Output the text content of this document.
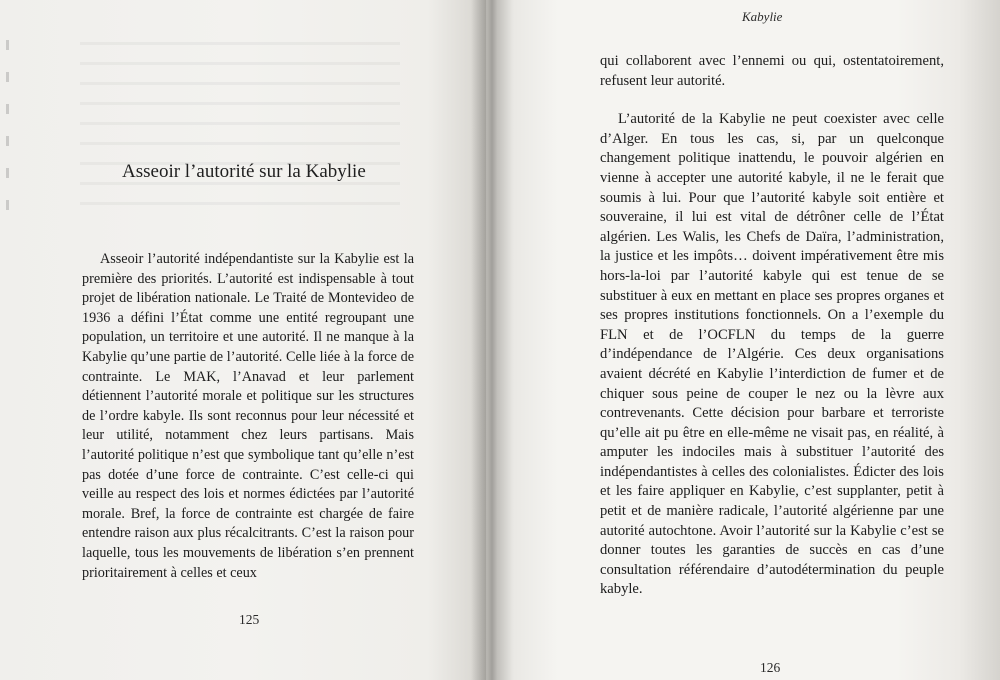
Asseoir l’autorité sur la Kabylie

Asseoir l’autorité indépendantiste sur la Kabylie est la première des priorités. L’autorité est indispensable à tout projet de libération nationale. Le Traité de Montevideo de 1936 a défini l’État comme une entité regroupant une population, un territoire et une autorité. Il ne manque à la Kabylie qu’une partie de l’autorité. Celle liée à la force de contrainte. Le MAK, l’Anavad et leur parlement détiennent l’autorité morale et politique sur les structures de l’ordre kabyle. Ils sont reconnus pour leur nécessité et leur utilité, notamment chez leurs partisans. Mais l’autorité politique n’est que symbolique tant qu’elle n’est pas dotée d’une force de contrainte. C’est celle-ci qui veille au respect des lois et normes édictées par l’autorité morale. Bref, la force de contrainte est chargée de faire entendre raison aux plus récalcitrants. C’est la raison pour laquelle, tous les mouvements de libération s’en prennent prioritairement à celles et ceux

125
Kabylie

qui collaborent avec l’ennemi ou qui, ostentatoirement, refusent leur autorité.

L’autorité de la Kabylie ne peut coexister avec celle d’Alger. En tous les cas, si, par un quelconque changement politique inattendu, le pouvoir algérien en vienne à accepter une autorité kabyle, il ne le ferait que soumis à lui. Pour que l’autorité kabyle soit entière et souveraine, il lui est vital de détrôner celle de l’État algérien. Les Walis, les Chefs de Daïra, l’administration, la justice et les impôts… doivent impérativement être mis hors-la-loi par l’autorité kabyle qui est tenue de se substituer à eux en mettant en place ses propres organes et ses propres institutions fonctionnels. On a l’exemple du FLN et de l’OCFLN du temps de la guerre d’indépendance de l’Algérie. Ces deux organisations avaient décrété en Kabylie l’interdiction de fumer et de chiquer sous peine de couper le nez ou la lèvre aux contrevenants. Cette décision pour barbare et terroriste qu’elle ait pu être en elle-même ne visait pas, en réalité, à amputer les indociles mais à substituer l’autorité des indépendantistes à celles des colonialistes. Édicter des lois et les faire appliquer en Kabylie, c’est supplanter, petit à petit et de manière radicale, l’autorité algérienne par une autorité autochtone. Avoir l’autorité sur la Kabylie c’est se donner toutes les garanties de succès en cas d’une consultation référendaire d’autodétermination du peuple kabyle.

126
